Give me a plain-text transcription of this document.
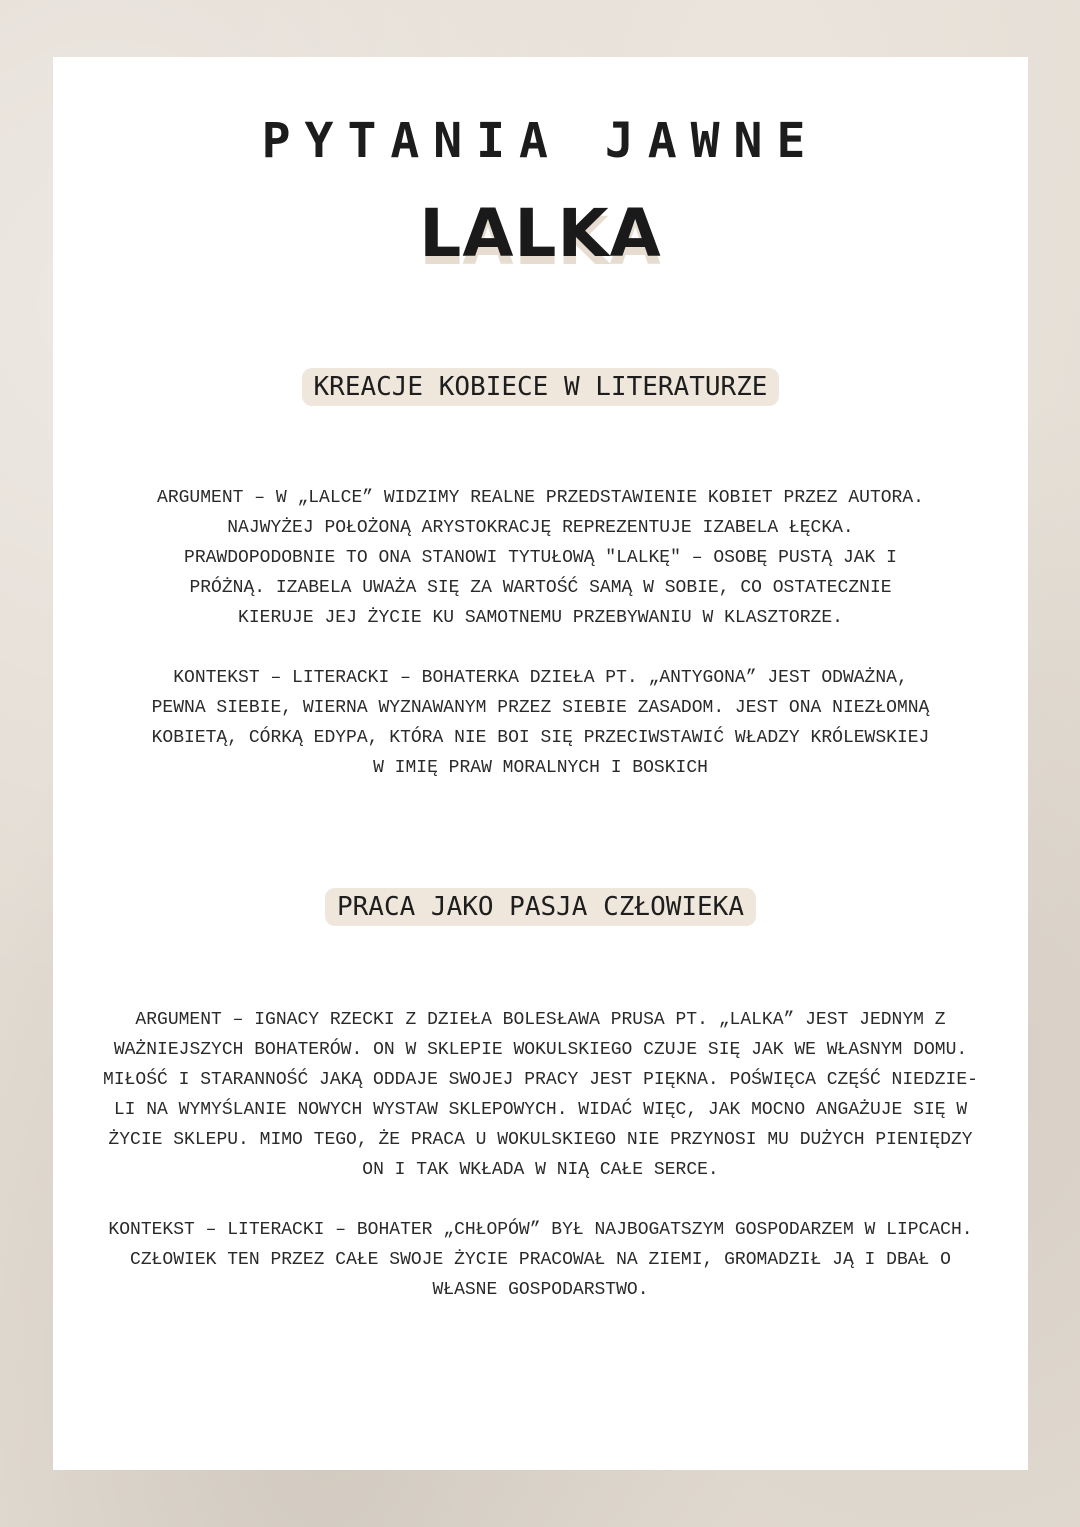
PYTANIA JAWNE
LALKA
KREACJE KOBIECE W LITERATURZE
ARGUMENT – W „LALCE” WIDZIMY REALNE PRZEDSTAWIENIE KOBIET PRZEZ AUTORA.
NAJWYŻEJ POŁOŻONĄ ARYSTOKRACJĘ REPREZENTUJE IZABELA ŁĘCKA.
PRAWDOPODOBNIE TO ONA STANOWI TYTUŁOWĄ "LALKĘ" – OSOBĘ PUSTĄ JAK I
PRÓŻNĄ. IZABELA UWAŻA SIĘ ZA WARTOŚĆ SAMĄ W SOBIE, CO OSTATECZNIE
KIERUJE JEJ ŻYCIE KU SAMOTNEMU PRZEBYWANIU W KLASZTORZE.
KONTEKST – LITERACKI – BOHATERKA DZIEŁA PT. „ANTYGONA” JEST ODWAŻNA,
PEWNA SIEBIE, WIERNA WYZNAWANYM PRZEZ SIEBIE ZASADOM. JEST ONA NIEZŁOMNĄ
KOBIETĄ, CÓRKĄ EDYPA, KTÓRA NIE BOI SIĘ PRZECIWSTAWIĆ WŁADZY KRÓLEWSKIEJ
W IMIĘ PRAW MORALNYCH I BOSKICH
PRACA JAKO PASJA CZŁOWIEKA
ARGUMENT – IGNACY RZECKI Z DZIEŁA BOLESŁAWA PRUSA PT. „LALKA” JEST JEDNYM Z
WAŻNIEJSZYCH BOHATERÓW. ON W SKLEPIE WOKULSKIEGO CZUJE SIĘ JAK WE WŁASNYM DOMU.
MIŁOŚĆ I STARANNOŚĆ JAKĄ ODDAJE SWOJEJ PRACY JEST PIĘKNA. POŚWIĘCA CZĘŚĆ NIEDZIE-
LI NA WYMYŚLANIE NOWYCH WYSTAW SKLEPOWYCH. WIDAĆ WIĘC, JAK MOCNO ANGAŻUJE SIĘ W
ŻYCIE SKLEPU. MIMO TEGO, ŻE PRACA U WOKULSKIEGO NIE PRZYNOSI MU DUŻYCH PIENIĘDZY
ON I TAK WKŁADA W NIĄ CAŁE SERCE.
KONTEKST – LITERACKI – BOHATER „CHŁOPÓW” BYŁ NAJBOGATSZYM GOSPODARZEM W LIPCACH.
CZŁOWIEK TEN PRZEZ CAŁE SWOJE ŻYCIE PRACOWAŁ NA ZIEMI, GROMADZIŁ JĄ I DBAŁ O
WŁASNE GOSPODARSTWO.
